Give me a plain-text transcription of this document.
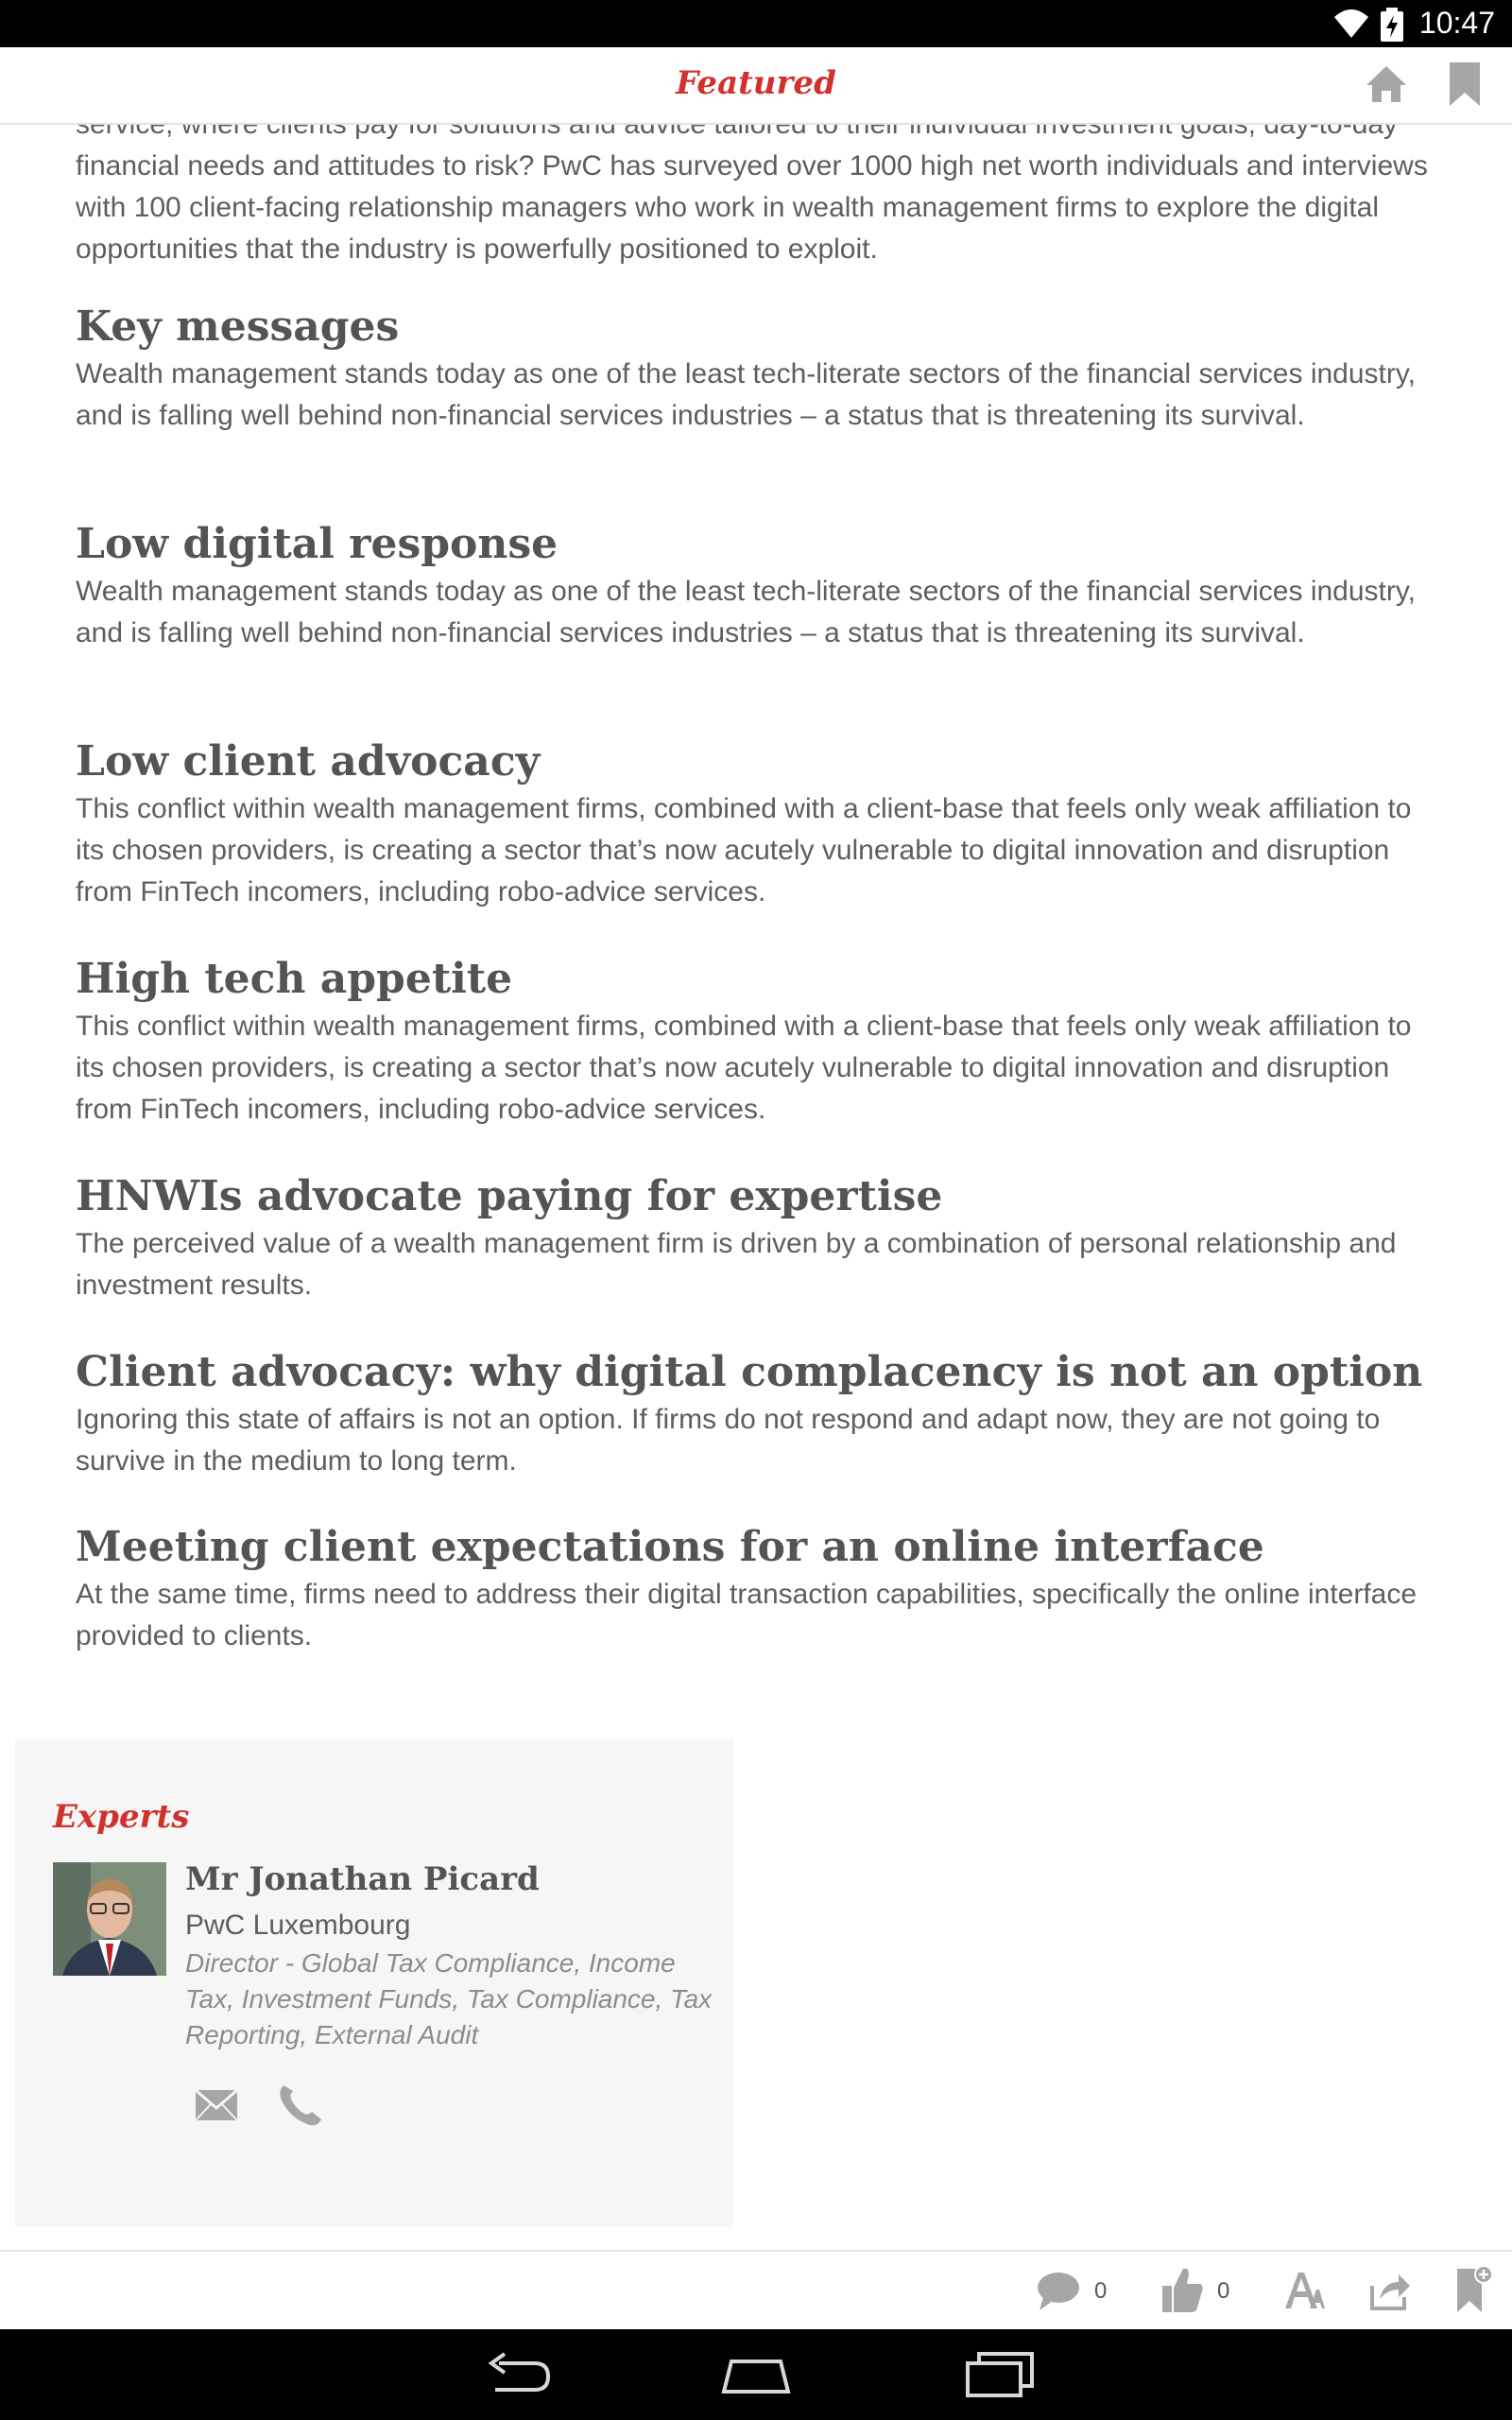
10:47
Featured

financial needs and attitudes to risk? PwC has surveyed over 1000 high net worth individuals and interviews with 100 client-facing relationship managers who work in wealth management firms to explore the digital opportunities that the industry is powerfully positioned to exploit.

Key messages

Wealth management stands today as one of the least tech-literate sectors of the financial services industry, and is falling well behind non-financial services industries – a status that is threatening its survival.

Low digital response

Wealth management stands today as one of the least tech-literate sectors of the financial services industry, and is falling well behind non-financial services industries – a status that is threatening its survival.

Low client advocacy

This conflict within wealth management firms, combined with a client-base that feels only weak affiliation to its chosen providers, is creating a sector that’s now acutely vulnerable to digital innovation and disruption from FinTech incomers, including robo-advice services.

High tech appetite

This conflict within wealth management firms, combined with a client-base that feels only weak affiliation to its chosen providers, is creating a sector that’s now acutely vulnerable to digital innovation and disruption from FinTech incomers, including robo-advice services.

HNWIs advocate paying for expertise

The perceived value of a wealth management firm is driven by a combination of personal relationship and investment results.

Client advocacy: why digital complacency is not an option

Ignoring this state of affairs is not an option. If firms do not respond and adapt now, they are not going to survive in the medium to long term.

Meeting client expectations for an online interface

At the same time, firms need to address their digital transaction capabilities, specifically the online interface provided to clients.

Experts
Mr Jonathan Picard
PwC Luxembourg
Director - Global Tax Compliance, Income Tax, Investment Funds, Tax Compliance, Tax Reporting, External Audit
0	0
